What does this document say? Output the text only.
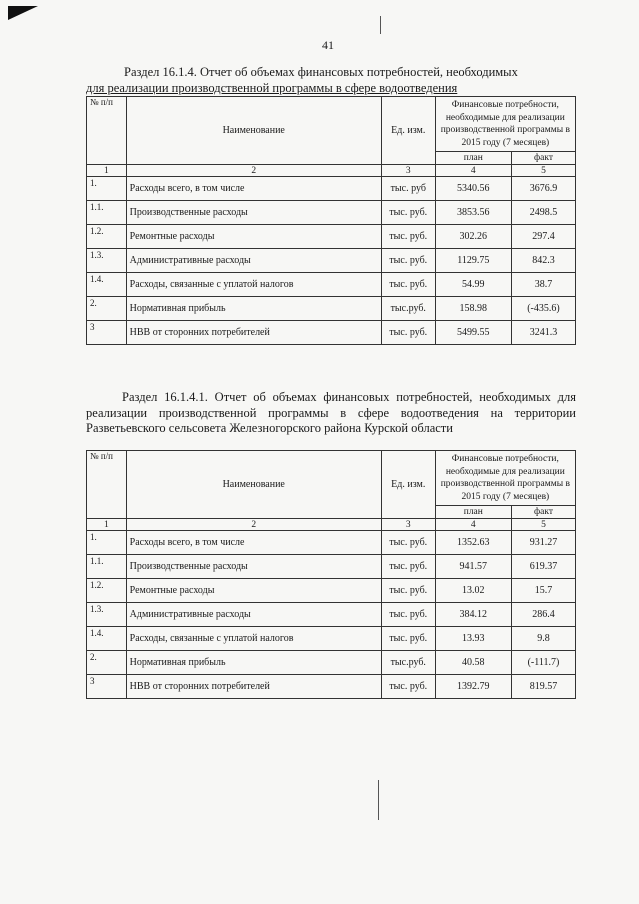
41
Раздел 16.1.4. Отчет об объемах финансовых потребностей, необходимых
для реализации производственной программы в сфере водоотведения
№ п/п	Наименование	Ед. изм.	Финансовые потребности, необходимые для реализации производственной программы в 2015 году (7 месяцев)	
			план	факт
1	2	3	4	5
1.	Расходы всего, в том числе	тыс. руб	5340.56	3676.9
1.1.	Производственные расходы	тыс. руб.	3853.56	2498.5
1.2.	Ремонтные расходы	тыс. руб.	302.26	297.4
1.3.	Административные расходы	тыс. руб.	1129.75	842.3
1.4.	Расходы, связанные с уплатой налогов	тыс. руб.	54.99	38.7
2.	Нормативная прибыль	тыс.руб.	158.98	(-435.6)
3	НВВ от сторонних потребителей	тыс. руб.	5499.55	3241.3
Раздел 16.1.4.1. Отчет об объемах финансовых потребностей, необходимых для реализации производственной программы в сфере водоотведения на территории Разветьевского сельсовета Железногорского района Курской области
№ п/п	Наименование	Ед. изм.	Финансовые потребности, необходимые для реализации производственной программы в 2015 году (7 месяцев)	
			план	факт
1	2	3	4	5
1.	Расходы всего, в том числе	тыс. руб.	1352.63	931.27
1.1.	Производственные расходы	тыс. руб.	941.57	619.37
1.2.	Ремонтные расходы	тыс. руб.	13.02	15.7
1.3.	Административные расходы	тыс. руб.	384.12	286.4
1.4.	Расходы, связанные с уплатой налогов	тыс. руб.	13.93	9.8
2.	Нормативная прибыль	тыс.руб.	40.58	(-111.7)
3	НВВ от сторонних потребителей	тыс. руб.	1392.79	819.57
